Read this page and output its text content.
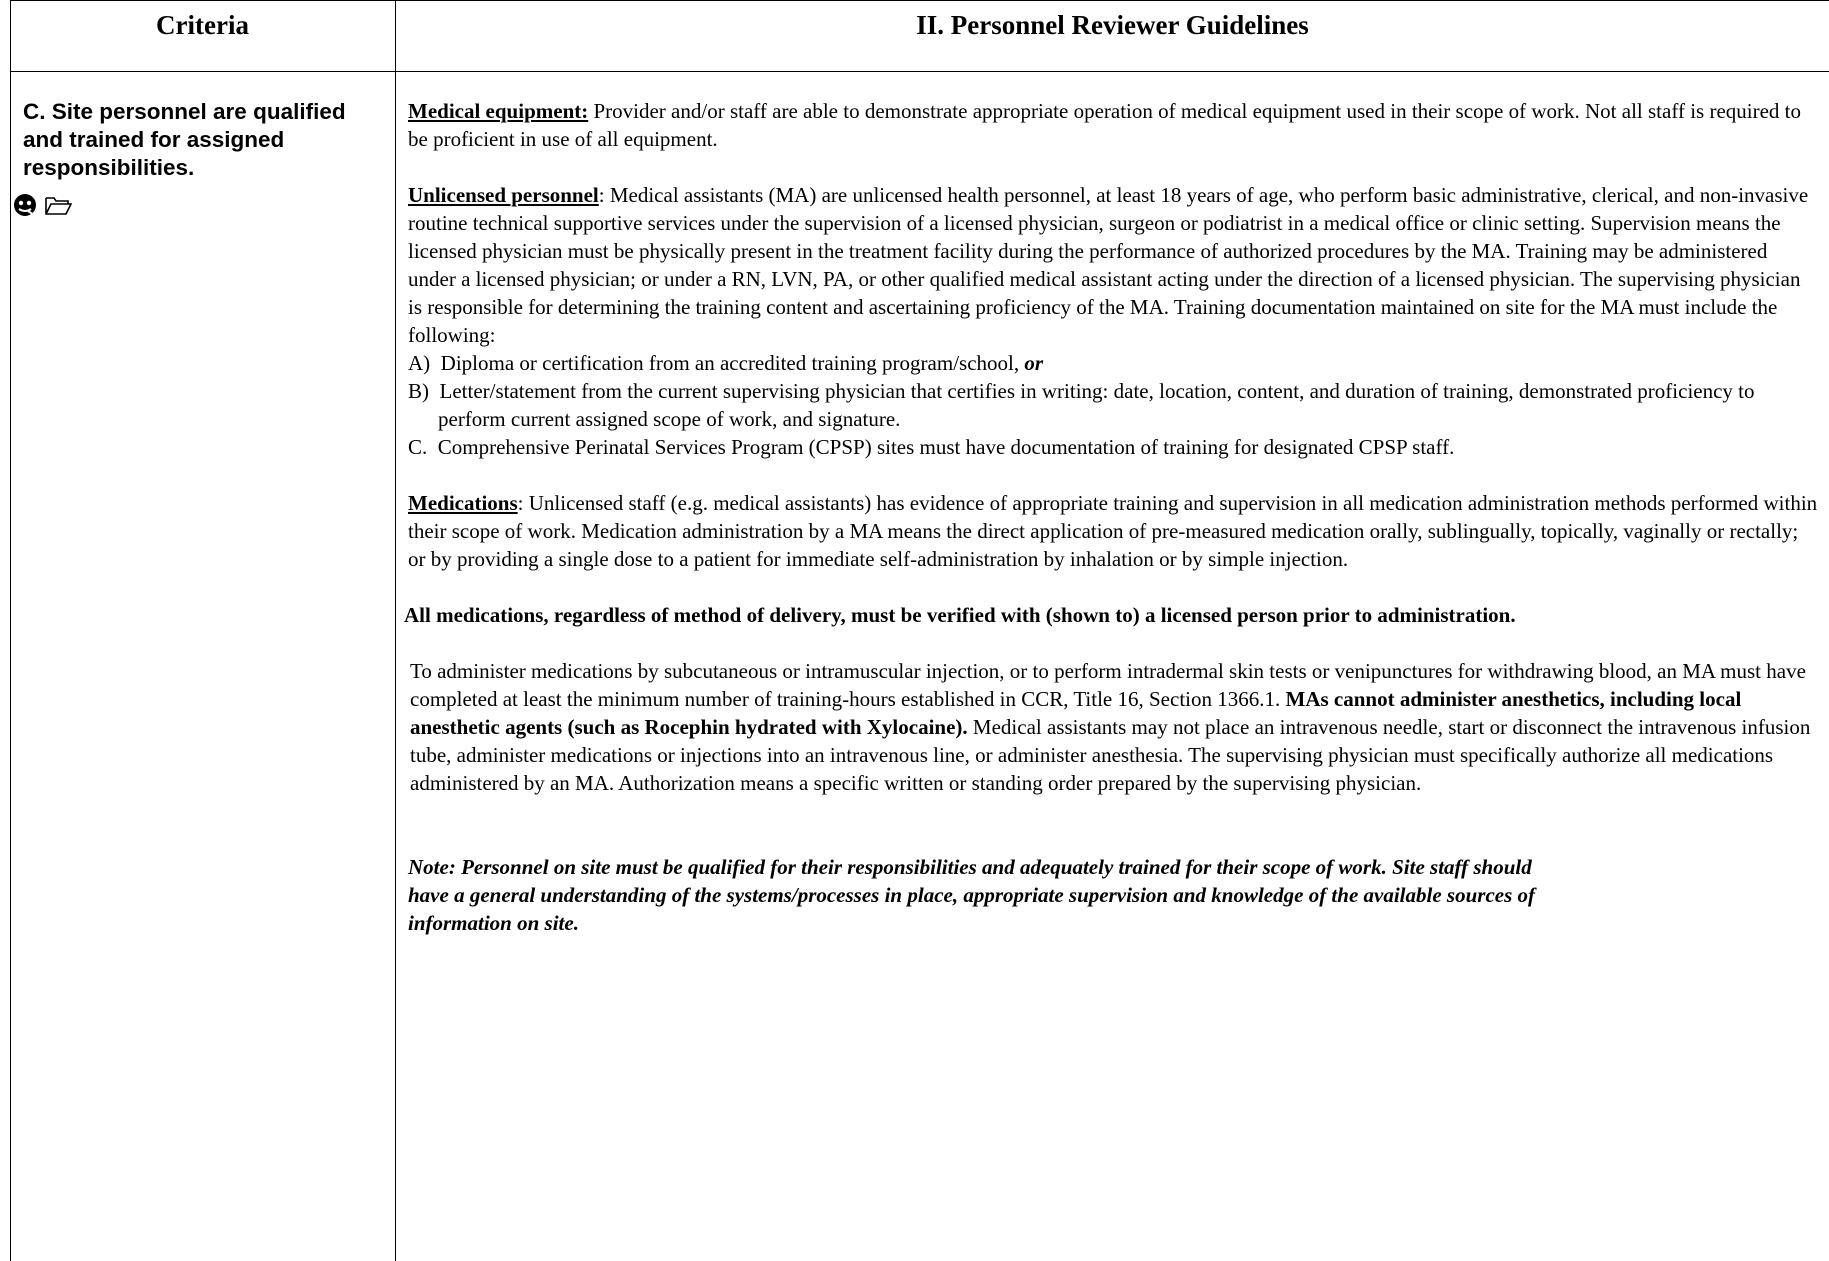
Criteria	II. Personnel Reviewer Guidelines
C. Site personnel are qualified and trained for assigned responsibilities.

Medical equipment: Provider and/or staff are able to demonstrate appropriate operation of medical equipment used in their scope of work. Not all staff is required to be proficient in use of all equipment.

Unlicensed personnel: Medical assistants (MA) are unlicensed health personnel, at least 18 years of age, who perform basic administrative, clerical, and non-invasive routine technical supportive services under the supervision of a licensed physician, surgeon or podiatrist in a medical office or clinic setting. Supervision means the licensed physician must be physically present in the treatment facility during the performance of authorized procedures by the MA. Training may be administered under a licensed physician; or under a RN, LVN, PA, or other qualified medical assistant acting under the direction of a licensed physician. The supervising physician is responsible for determining the training content and ascertaining proficiency of the MA. Training documentation maintained on site for the MA must include the following:

A)  Diploma or certification from an accredited training program/school, or

B)  Letter/statement from the current supervising physician that certifies in writing: date, location, content, and duration of training, demonstrated proficiency to perform current assigned scope of work, and signature.

C.  Comprehensive Perinatal Services Program (CPSP) sites must have documentation of training for designated CPSP staff.

Medications: Unlicensed staff (e.g. medical assistants) has evidence of appropriate training and supervision in all medication administration methods performed within their scope of work. Medication administration by a MA means the direct application of pre-measured medication orally, sublingually, topically, vaginally or rectally; or by providing a single dose to a patient for immediate self-administration by inhalation or by simple injection.

All medications, regardless of method of delivery, must be verified with (shown to) a licensed person prior to administration.

To administer medications by subcutaneous or intramuscular injection, or to perform intradermal skin tests or venipunctures for withdrawing blood, an MA must have completed at least the minimum number of training-hours established in CCR, Title 16, Section 1366.1. MAs cannot administer anesthetics, including local anesthetic agents (such as Rocephin hydrated with Xylocaine). Medical assistants may not place an intravenous needle, start or disconnect the intravenous infusion tube, administer medications or injections into an intravenous line, or administer anesthesia. The supervising physician must specifically authorize all medications administered by an MA. Authorization means a specific written or standing order prepared by the supervising physician.

Note: Personnel on site must be qualified for their responsibilities and adequately trained for their scope of work. Site staff should have a general understanding of the systems/processes in place, appropriate supervision and knowledge of the available sources of information on site.
